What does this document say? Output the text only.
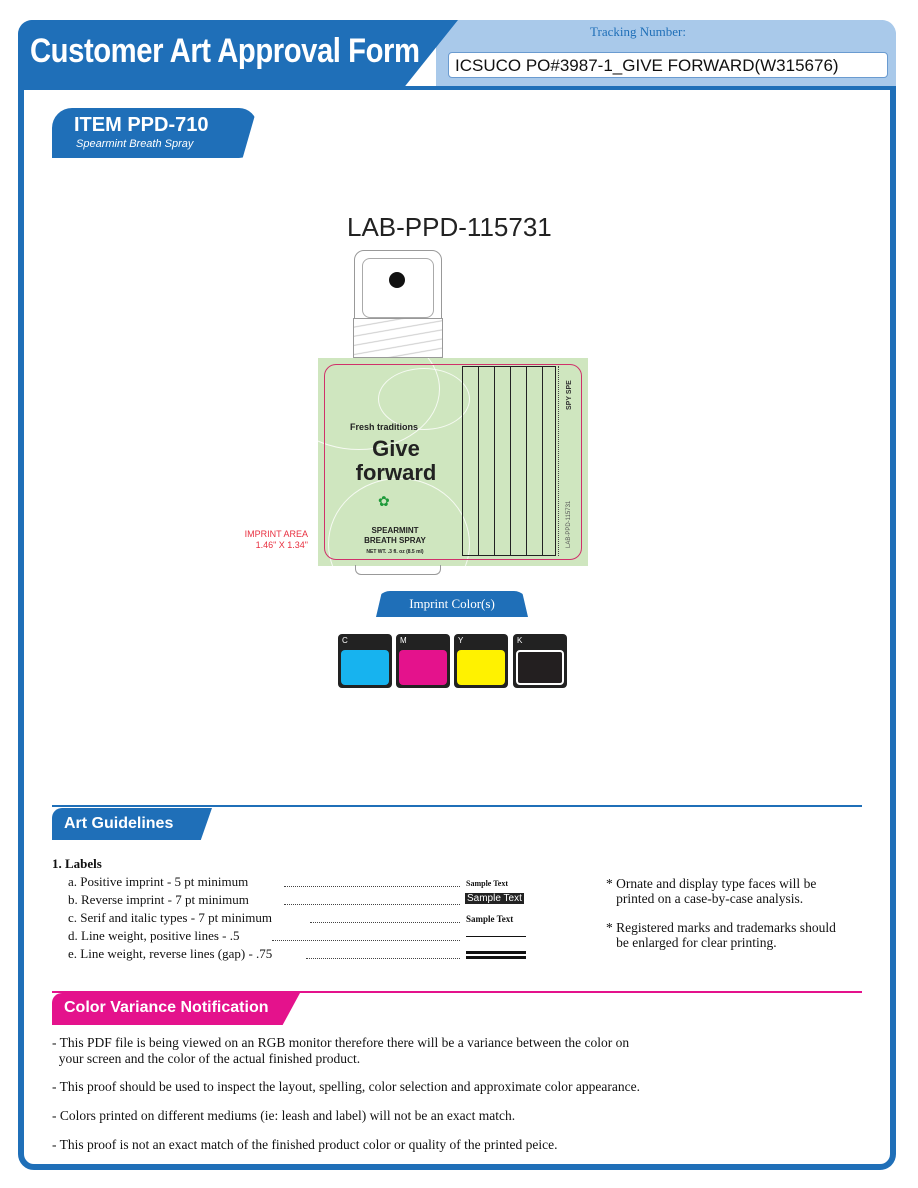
Customer Art Approval Form
Tracking Number:
ICSUCO PO#3987-1_GIVE FORWARD(W315676)
ITEM PPD-710
Spearmint Breath Spray
LAB-PPD-115731
Fresh traditions
Give
forward
✿
SPEARMINT
BREATH SPRAY
NET WT. .3 fl. oz (8.5 ml)
SPY SPE
LAB-PPD-115731
IMPRINT AREA
1.46" X 1.34"
Imprint Color(s)
C	M	Y	K
Art Guidelines
1. Labels
a. Positive imprint - 5 pt minimum	Sample Text
b. Reverse imprint - 7 pt minimum	Sample Text
c. Serif and italic types - 7 pt minimum	Sample Text
d. Line weight, positive lines - .5
e. Line weight, reverse lines (gap) - .75
* Ornate and display type faces will be
printed on a case-by-case analysis.
* Registered marks and trademarks should
be enlarged for clear printing.
Color Variance Notification
- This PDF file is being viewed on an RGB monitor therefore there will be a variance between the color on
your screen and the color of the actual finished product.
- This proof should be used to inspect the layout, spelling, color selection and approximate color appearance.
- Colors printed on different mediums (ie: leash and label) will not be an exact match.
- This proof is not an exact match of the finished product color or quality of the printed peice.
